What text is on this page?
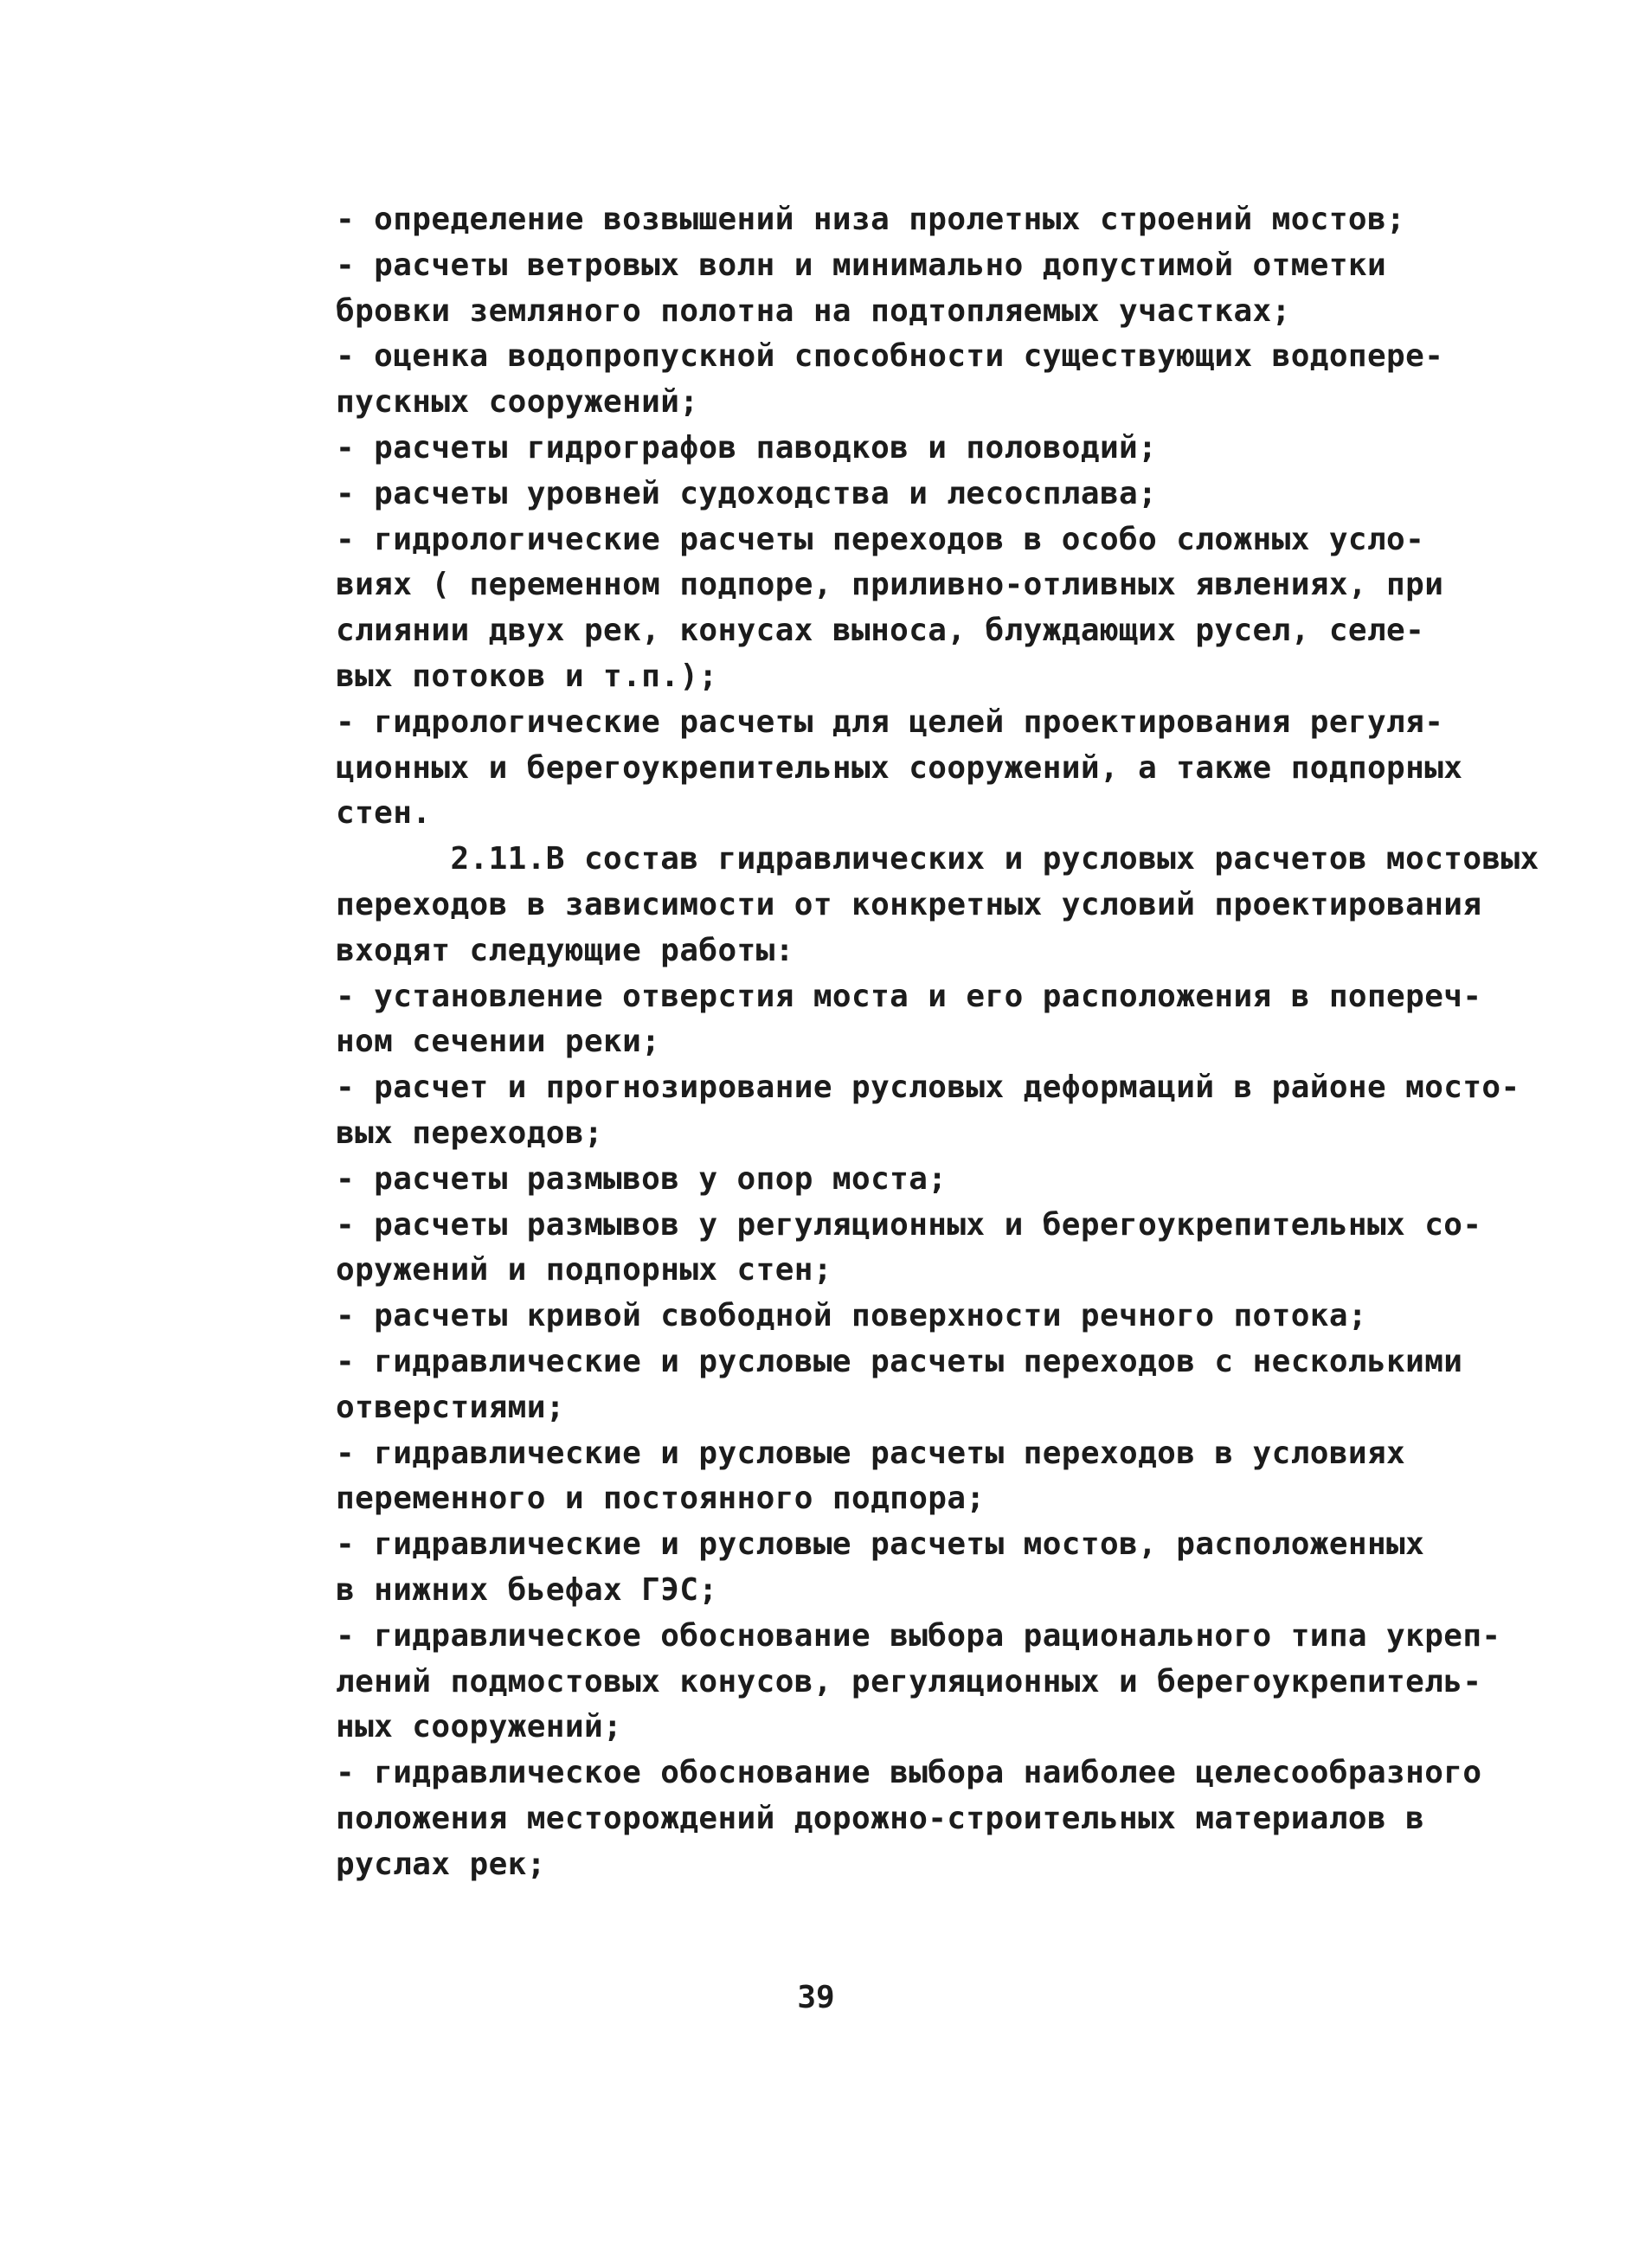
- определение возвышений низа пролетных строений мостов;
- расчеты ветровых волн и минимально допустимой отметки
бровки земляного полотна на подтопляемых участках;
- оценка водопропускной способности существующих водопере-
пускных сооружений;
- расчеты гидрографов паводков и половодий;
- расчеты уровней судоходства и лесосплава;
- гидрологические расчеты переходов в особо сложных усло-
виях ( переменном подпоре, приливно-отливных явлениях, при
слиянии двух рек, конусах выноса, блуждающих русел, селе-
вых потоков и т.п.);
- гидрологические расчеты для целей проектирования регуля-
ционных и берегоукрепительных сооружений, а также подпорных
стен.
2.11.В состав гидравлических и русловых расчетов мостовых
переходов в зависимости от конкретных условий проектирования
входят следующие работы:
- установление отверстия моста и его расположения в попереч-
ном сечении реки;
- расчет и прогнозирование русловых деформаций в районе мосто-
вых переходов;
- расчеты размывов у опор моста;
- расчеты размывов у регуляционных и берегоукрепительных со-
оружений и подпорных стен;
- расчеты кривой свободной поверхности речного потока;
- гидравлические и русловые расчеты переходов с несколькими
отверстиями;
- гидравлические и русловые расчеты переходов в условиях
переменного и постоянного подпора;
- гидравлические и русловые расчеты мостов, расположенных
в нижних бьефах ГЭС;
- гидравлическое обоснование выбора рационального типа укреп-
лений подмостовых конусов, регуляционных и берегоукрепитель-
ных сооружений;
- гидравлическое обоснование выбора наиболее целесообразного
положения месторождений дорожно-строительных материалов в
руслах рек;
39
